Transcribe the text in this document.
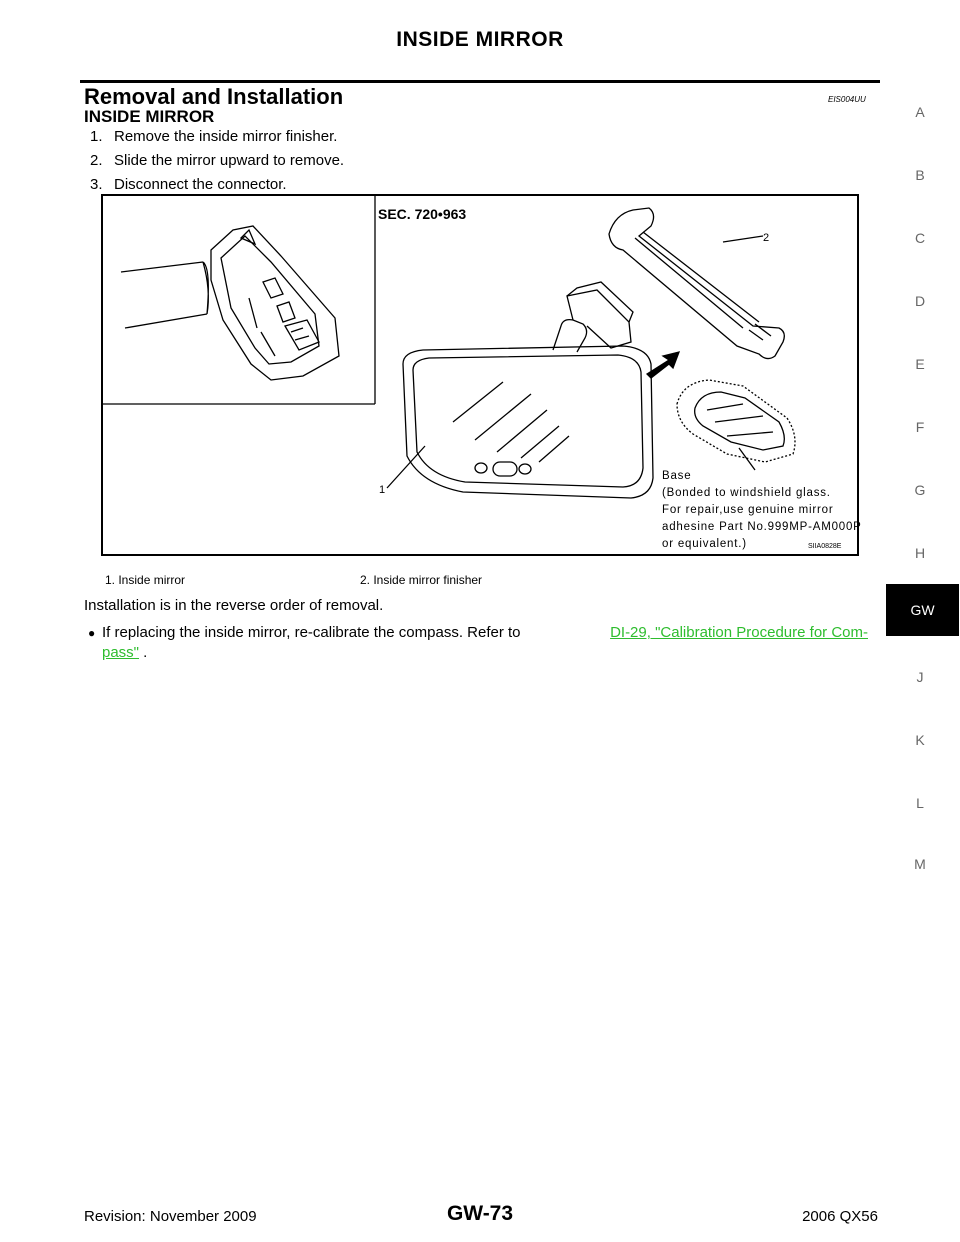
INSIDE MIRROR
Removal and Installation	EIS004UU
INSIDE MIRROR
1. Remove the inside mirror finisher.
2. Slide the mirror upward to remove.
3. Disconnect the connector.
SEC. 720•963
1
2
Base
(Bonded to windshield glass.
For repair,use genuine mirror
adhesine Part No.999MP-AM000P
or equivalent.)	SIIA0828E
1. Inside mirror	2. Inside mirror finisher
Installation is in the reverse order of removal.
● If replacing the inside mirror, re-calibrate the compass. Refer to	DI-29, "Calibration Procedure for Com-
pass" .
A
B
C
D
E
F
G
H
GW
J
K
L
M
Revision: November 2009	GW-73	2006 QX56
